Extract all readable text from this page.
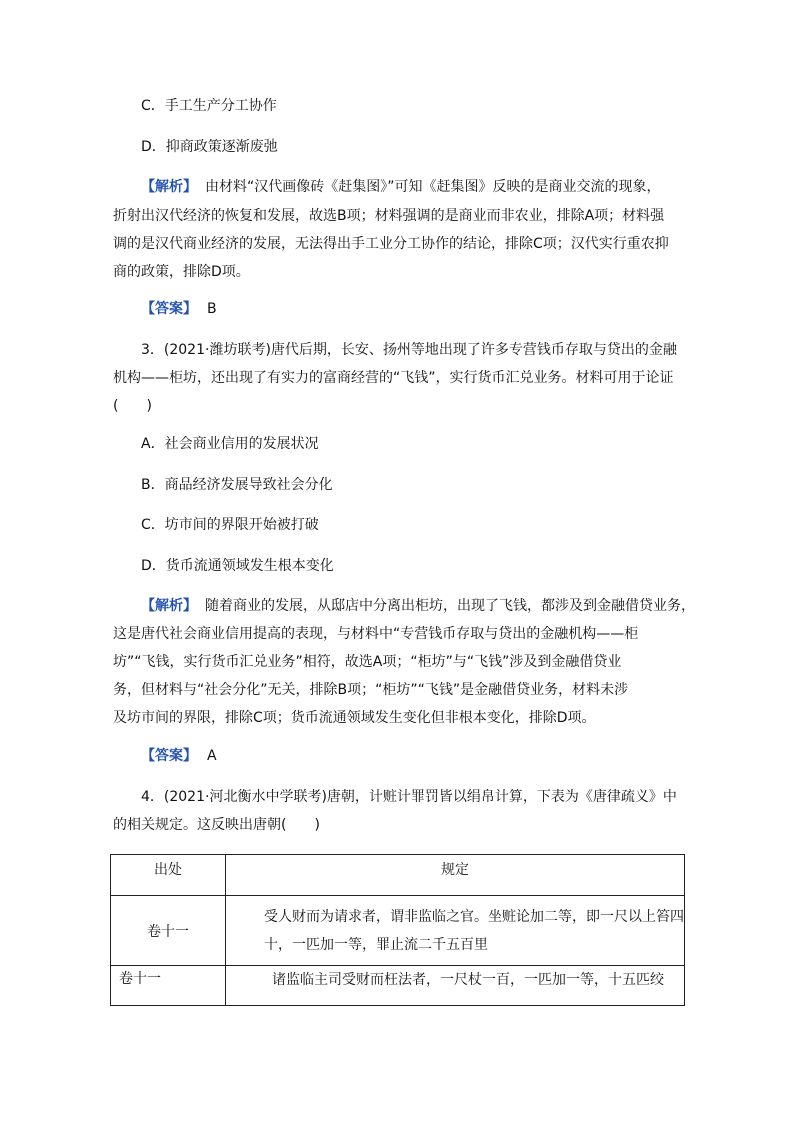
C．手工生产分工协作
D．抑商政策逐渐废弛
【解析】 由材料“汉代画像砖《赶集图》”可知《赶集图》反映的是商业交流的现象，
折射出汉代经济的恢复和发展，故选B项；材料强调的是商业而非农业，排除A项；材料强
调的是汉代商业经济的发展，无法得出手工业分工协作的结论，排除C项；汉代实行重农抑
商的政策，排除D项。
【答案】 B
3．(2021·潍坊联考)唐代后期，长安、扬州等地出现了许多专营钱币存取与贷出的金融
机构——柜坊，还出现了有实力的富商经营的“飞钱”，实行货币汇兑业务。材料可用于论证
(　　)
A．社会商业信用的发展状况
B．商品经济发展导致社会分化
C．坊市间的界限开始被打破
D．货币流通领域发生根本变化
【解析】 随着商业的发展，从邸店中分离出柜坊，出现了飞钱，都涉及到金融借贷业务，
这是唐代社会商业信用提高的表现，与材料中“专营钱币存取与贷出的金融机构——柜
坊”“飞钱，实行货币汇兑业务”相符，故选A项；“柜坊”与“飞钱”涉及到金融借贷业
务，但材料与“社会分化”无关，排除B项；“柜坊”“飞钱”是金融借贷业务，材料未涉
及坊市间的界限，排除C项；货币流通领域发生变化但非根本变化，排除D项。
【答案】 A
4．(2021·河北衡水中学联考)唐朝，计赃计罪罚皆以绢帛计算，下表为《唐律疏义》中
的相关规定。这反映出唐朝(　　)
出处	规定
卷十一	受人财而为请求者，谓非监临之官。坐赃论加二等，即一尺以上笞四
十，一匹加一等，罪止流二千五百里

卷十一	诸监临主司受财而枉法者，一尺杖一百，一匹加一等，十五匹绞
